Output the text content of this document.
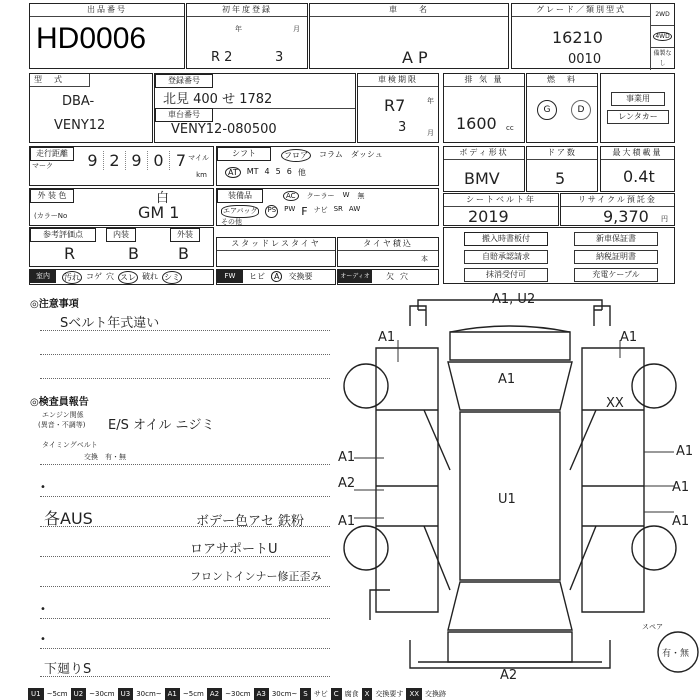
出品番号
HD0006
初年度登録
年	月
R 2	3
車　　名
A P
グレード／類別型式
16210
0010
2WD
4WD
備製なし
型　式
DBA-
VENY12
登録番号
北見 400 せ 1782
車台番号
VENY12-080500
車検期限
R7
3
年
月
排 気 量
1600 cc
燃　料
G	D
事業用
レンタカー
走行距離
マーク	9 2 9 0 7 マイル
km
シフト	フロア	コラム ダッシュ
AT	MT 4 5 6 他
ボディ形状
BMV
ドア数
5
最大積載量
0.4t
外 装 色
(カラーNo
白
GM 1
装備品	AC	クーラー W 無
エアバッグ PS PW F ナビ SR AW
その他
シートベルト年
2019
リサイクル預託金
9,370 円
参考評価点	内装	外装
R	B B
スタッドレスタイヤ	タイヤ積込
本
搬入時書板付	新車保証書
自賠承認請求	納税証明書
抹消受付可	充電ケーブル
室内	汚れ コゲ 穴 スレ 破れ シミ	FW	ヒビ	A	交換要	オーディオ 欠 穴
◎注意事項
Sベルト年式違い
◎検査員報告
エンジン関係
(異音・不調等) E/S オイル ニジミ
タイミングベルト
交換　有・無
•
各AUS	ボデー色アセ 鉄粉
ロアサポートU
フロントインナー修正歪み
•
•
下廻りS
A1, U2
A1
A1
A1
A1
A2
A1
U1
XX
A1
A1
A1
A2
スペア
有・無
U1 ~5cm U2 ~30cm U3 30cm~ A1 ~5cm A2 ~30cm A3 30cm~ S サビ C 腐食 X 交換要す XX 交換跡
